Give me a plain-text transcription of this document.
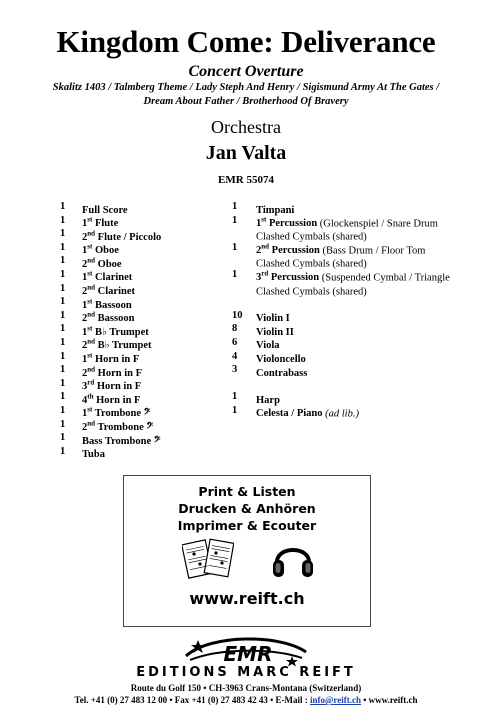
Kingdom Come: Deliverance
Concert Overture
Skalitz 1403 / Talmberg Theme / Lady Steph And Henry / Sigismund Army At The Gates /
Dream About Father / Brotherhood Of Bravery
Orchestra
Jan Valta
EMR 55074
1 Full Score
1 1st Flute
1 2nd Flute / Piccolo
1 1st Oboe
1 2nd Oboe
1 1st Clarinet
1 2nd Clarinet
1 1st Bassoon
1 2nd Bassoon
1 1st B♭ Trumpet
1 2nd B♭ Trumpet
1 1st Horn in F
1 2nd Horn in F
1 3rd Horn in F
1 4th Horn in F
1 1st Trombone 𝄢
1 2nd Trombone 𝄢
1 Bass Trombone 𝄢
1 Tuba
1 Timpani
1 1st Percussion (Glockenspiel / Snare Drum
Clashed Cymbals (shared)
1 2nd Percussion (Bass Drum / Floor Tom
Clashed Cymbals (shared)
1 3rd Percussion (Suspended Cymbal / Triangle
Clashed Cymbals (shared)
10 Violin I
8 Violin II
6 Viola
4 Violoncello
3 Contrabass
1 Harp
1 Celesta / Piano (ad lib.)
Print & Listen
Drucken & Anhören
Imprimer & Ecouter
www.reift.ch
EMR
EDITIONS MARC REIFT
Route du Golf 150 • CH-3963 Crans-Montana (Switzerland)
Tel. +41 (0) 27 483 12 00 • Fax +41 (0) 27 483 42 43 • E-Mail : info@reift.ch • www.reift.ch
